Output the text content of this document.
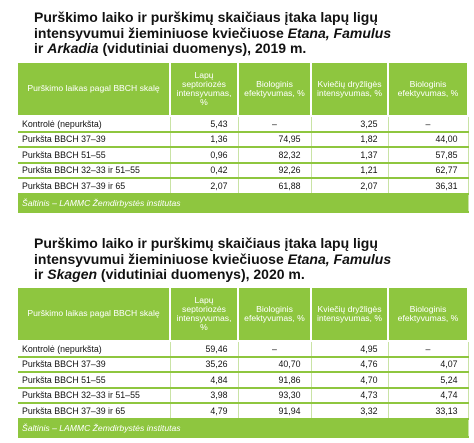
Purškimo laiko ir purškimų skaičiaus įtaka lapų ligų
intensyvumui žieminiuose kviečiuose Etana, Famulus
ir Arkadia (vidutiniai duomenys), 2019 m.
Purškimo laikas pagal BBCH skalę	Lapų septoriozės intensyvumas, %	Biologinis efektyvumas, %	Kviečių dryžligės intensyvumas, %	Biologinis efektyvumas, %
Kontrolė (nepurkšta)	5,43	–	3,25	–
Purkšta BBCH 37–39	1,36	74,95	1,82	44,00
Purkšta BBCH 51–55	0,96	82,32	1,37	57,85
Purkšta BBCH 32–33 ir 51–55	0,42	92,26	1,21	62,77
Purkšta BBCH 37–39 ir 65	2,07	61,88	2,07	36,31
Šaltinis – LAMMC Žemdirbystės institutas				
Purškimo laiko ir purškimų skaičiaus įtaka lapų ligų
intensyvumui žieminiuose kviečiuose Etana, Famulus
ir Skagen (vidutiniai duomenys), 2020 m.
Purškimo laikas pagal BBCH skalę	Lapų septoriozės intensyvumas, %	Biologinis efektyvumas, %	Kviečių dryžligės intensyvumas, %	Biologinis efektyvumas, %
Kontrolė (nepurkšta)	59,46	–	4,95	–
Purkšta BBCH 37–39	35,26	40,70	4,76	4,07
Purkšta BBCH 51–55	4,84	91,86	4,70	5,24
Purkšta BBCH 32–33 ir 51–55	3,98	93,30	4,73	4,74
Purkšta BBCH 37–39 ir 65	4,79	91,94	3,32	33,13
Šaltinis – LAMMC Žemdirbystės institutas				
